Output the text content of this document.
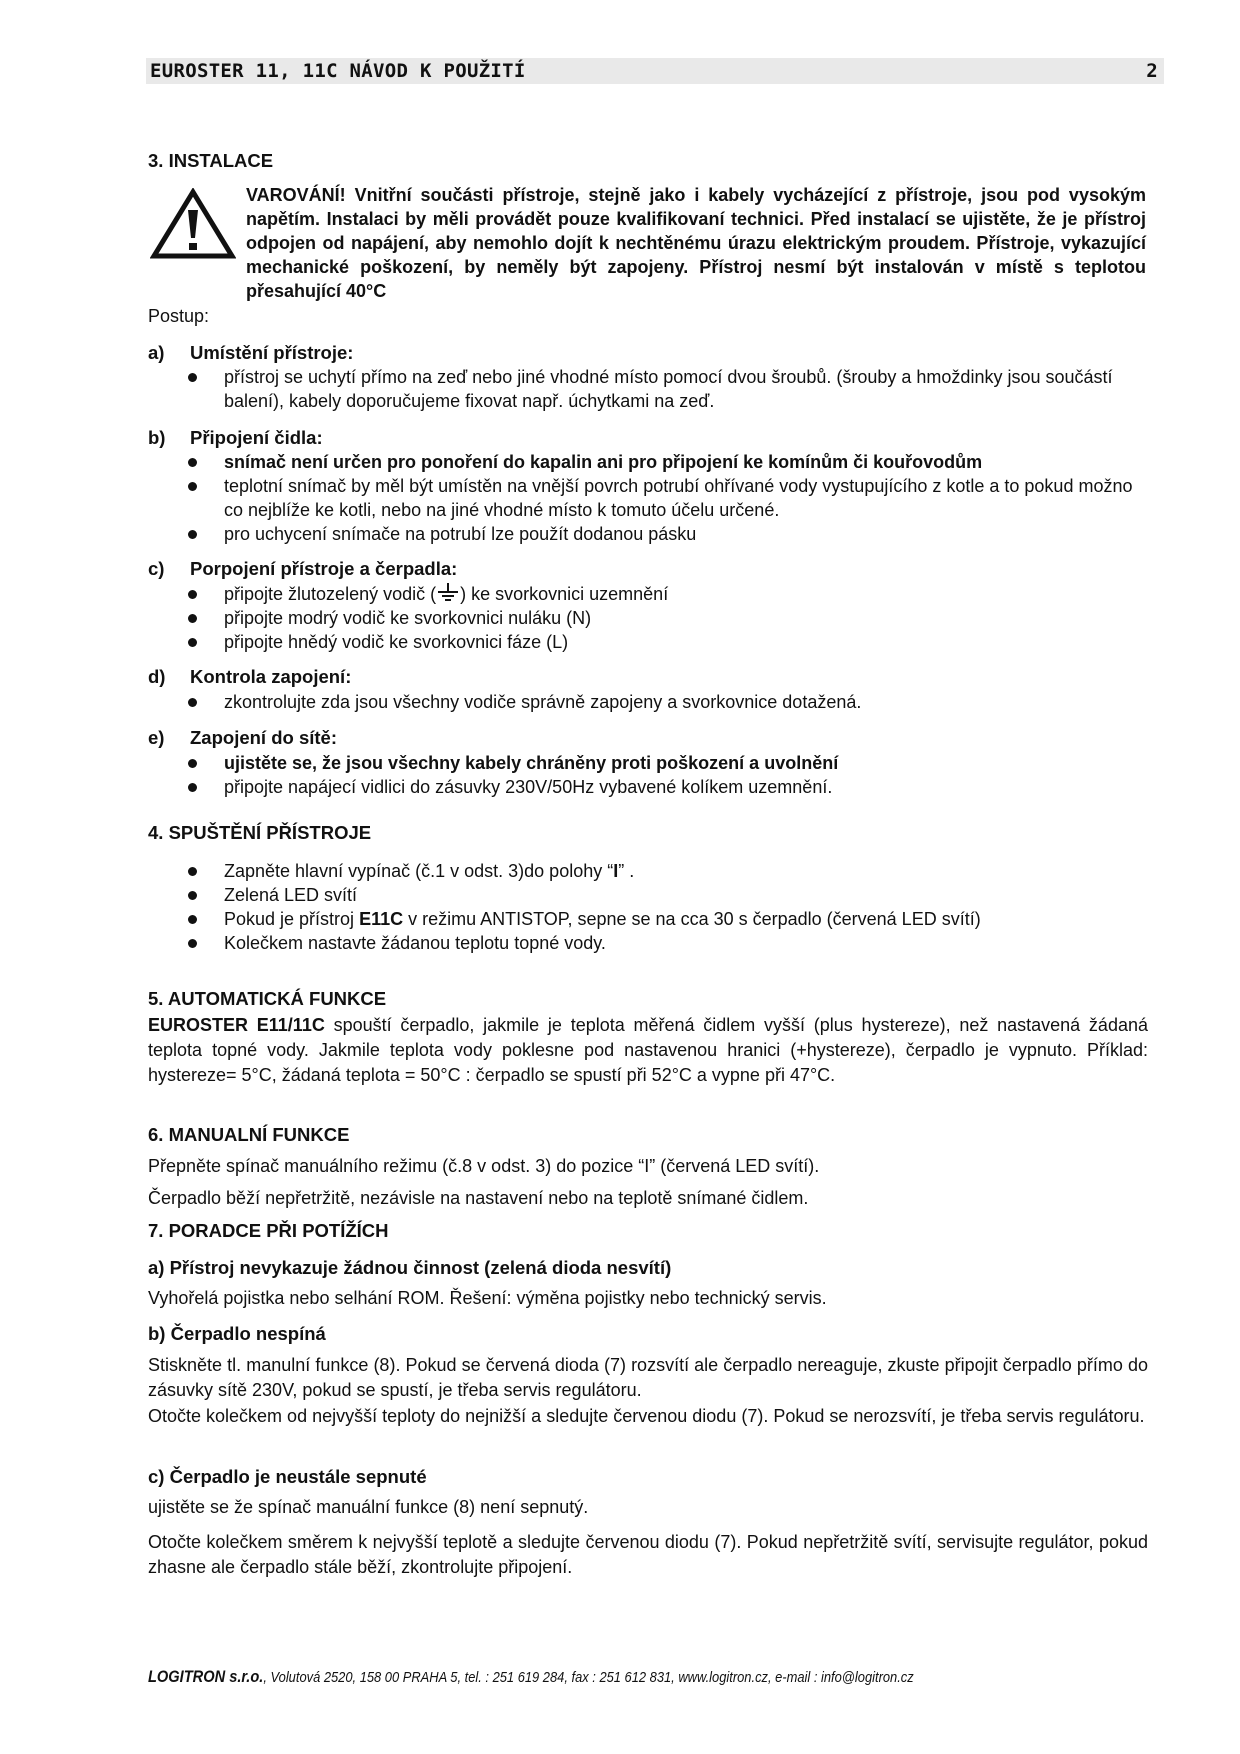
EUROSTER 11, 11C NÁVOD K POUŽITÍ	2
3. INSTALACE
VAROVÁNÍ! Vnitřní součásti přístroje, stejně jako i kabely vycházející z přístroje, jsou pod vysokým napětím. Instalaci by měli provádět pouze kvalifikovaní technici. Před instalací se ujistěte, že je přístroj odpojen od napájení, aby nemohlo dojít k nechtěnému úrazu elektrickým proudem. Přístroje, vykazující mechanické poškození, by neměly být zapojeny. Přístroj nesmí být instalován v místě s teplotou přesahující 40°C
Postup:
a) Umístění přístroje:
přístroj se uchytí přímo na zeď nebo jiné vhodné místo pomocí dvou šroubů. (šrouby a hmoždinky jsou součástí balení), kabely doporučujeme fixovat např. úchytkami na zeď.
b) Připojení čidla:
snímač není určen pro ponoření do kapalin ani pro připojení ke komínům či kouřovodům
teplotní snímač by měl být umístěn na vnější povrch potrubí ohřívané vody vystupujícího z kotle a to pokud možno co nejblíže ke kotli, nebo na jiné vhodné místo k tomuto účelu určené.
pro uchycení snímače na potrubí lze použít dodanou pásku
c) Porpojení přístroje a čerpadla:
připojte žlutozelený vodič ( ) ke svorkovnici uzemnění
připojte modrý vodič ke svorkovnici nuláku (N)
připojte hnědý vodič ke svorkovnici fáze (L)
d) Kontrola zapojení:
zkontrolujte zda jsou všechny vodiče správně zapojeny a svorkovnice dotažená.
e) Zapojení do sítě:
ujistěte se, že jsou všechny kabely chráněny proti poškození a uvolnění
připojte napájecí vidlici do zásuvky 230V/50Hz vybavené kolíkem uzemnění.
4. SPUŠTĚNÍ PŘÍSTROJE
Zapněte hlavní vypínač (č.1 v odst. 3)do polohy “I” .
Zelená LED svítí
Pokud je přístroj E11C v režimu ANTISTOP, sepne se na cca 30 s čerpadlo (červená LED svítí)
Kolečkem nastavte žádanou teplotu topné vody.
5. AUTOMATICKÁ FUNKCE
EUROSTER E11/11C spouští čerpadlo, jakmile je teplota měřená čidlem vyšší (plus hystereze), než nastavená žádaná teplota topné vody. Jakmile teplota vody poklesne pod nastavenou hranici (+hystereze), čerpadlo je vypnuto. Příklad: hystereze= 5°C, žádaná teplota = 50°C : čerpadlo se spustí při 52°C a vypne při 47°C.
6. MANUALNÍ FUNKCE
Přepněte spínač manuálního režimu (č.8 v odst. 3) do pozice “I” (červená LED svítí).
Čerpadlo běží nepřetržitě, nezávisle na nastavení nebo na teplotě snímané čidlem.
7. PORADCE PŘI POTÍŽÍCH
a) Přístroj nevykazuje žádnou činnost (zelená dioda nesvítí)
Vyhořelá pojistka nebo selhání ROM. Řešení: výměna pojistky nebo technický servis.
b) Čerpadlo nespíná
Stiskněte tl. manulní funkce (8). Pokud se červená dioda (7) rozsvítí ale čerpadlo nereaguje, zkuste připojit čerpadlo přímo do zásuvky sítě 230V, pokud se spustí, je třeba servis regulátoru.
Otočte kolečkem od nejvyšší teploty do nejnižší a sledujte červenou diodu (7). Pokud se nerozsvítí, je třeba servis regulátoru.
c) Čerpadlo je neustále sepnuté
ujistěte se že spínač manuální funkce (8) není sepnutý.
Otočte kolečkem směrem k nejvyšší teplotě a sledujte červenou diodu (7). Pokud nepřetržitě svítí, servisujte regulátor, pokud zhasne ale čerpadlo stále běží, zkontrolujte připojení.
LOGITRON s.r.o., Volutová 2520, 158 00 PRAHA 5, tel. : 251 619 284, fax : 251 612 831, www.logitron.cz, e-mail : info@logitron.cz
